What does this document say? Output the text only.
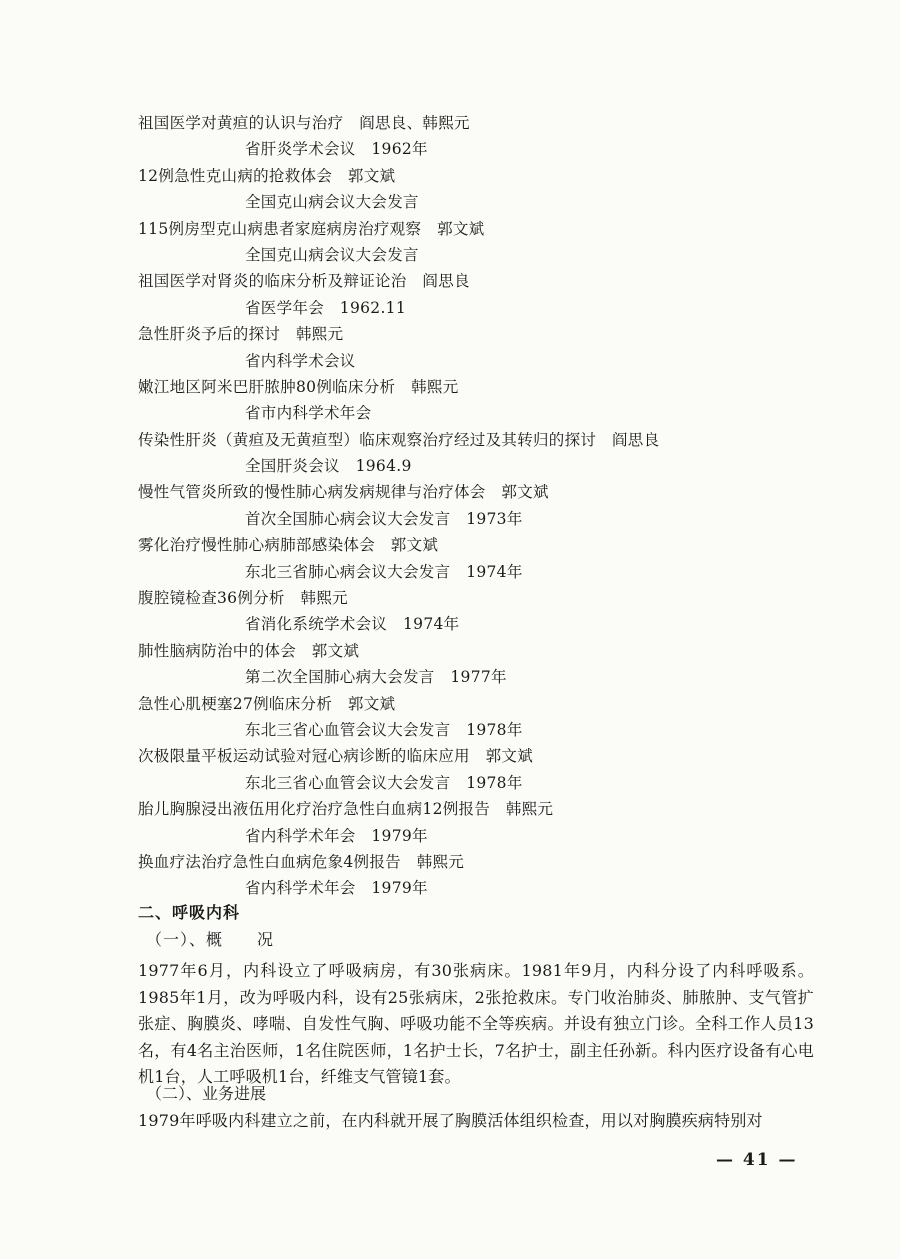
祖国医学对黄疸的认识与治疗　阎思良、韩熙元
省肝炎学术会议　1962年
12例急性克山病的抢救体会　郭文斌
全国克山病会议大会发言
115例房型克山病患者家庭病房治疗观察　郭文斌
全国克山病会议大会发言
祖国医学对肾炎的临床分析及辩证论治　阎思良
省医学年会　1962.11
急性肝炎予后的探讨　韩熙元
省内科学术会议
嫩江地区阿米巴肝脓肿80例临床分析　韩熙元
省市内科学术年会
传染性肝炎（黄疸及无黄疸型）临床观察治疗经过及其转归的探讨　阎思良
全国肝炎会议　1964.9
慢性气管炎所致的慢性肺心病发病规律与治疗体会　郭文斌
首次全国肺心病会议大会发言　1973年
雾化治疗慢性肺心病肺部感染体会　郭文斌
东北三省肺心病会议大会发言　1974年
腹腔镜检查36例分析　韩熙元
省消化系统学术会议　1974年
肺性脑病防治中的体会　郭文斌
第二次全国肺心病大会发言　1977年
急性心肌梗塞27例临床分析　郭文斌
东北三省心血管会议大会发言　1978年
次极限量平板运动试验对冠心病诊断的临床应用　郭文斌
东北三省心血管会议大会发言　1978年
胎儿胸腺浸出液伍用化疗治疗急性白血病12例报告　韩熙元
省内科学术年会　1979年
换血疗法治疗急性白血病危象4例报告　韩熙元
省内科学术年会　1979年
二、呼吸内科
（一）、概　　况

1977年6月，内科设立了呼吸病房，有30张病床。1981年9月，内科分设了内科呼吸系。1985年1月，改为呼吸内科，设有25张病床，2张抢救床。专门收治肺炎、肺脓肿、支气管扩张症、胸膜炎、哮喘、自发性气胸、呼吸功能不全等疾病。并设有独立门诊。全科工作人员13名，有4名主治医师，1名住院医师，1名护士长，7名护士，副主任孙新。科内医疗设备有心电机1台，人工呼吸机1台，纤维支气管镜1套。

（二）、业务进展

1979年呼吸内科建立之前，在内科就开展了胸膜活体组织检查，用以对胸膜疾病特别对

— 41 —
